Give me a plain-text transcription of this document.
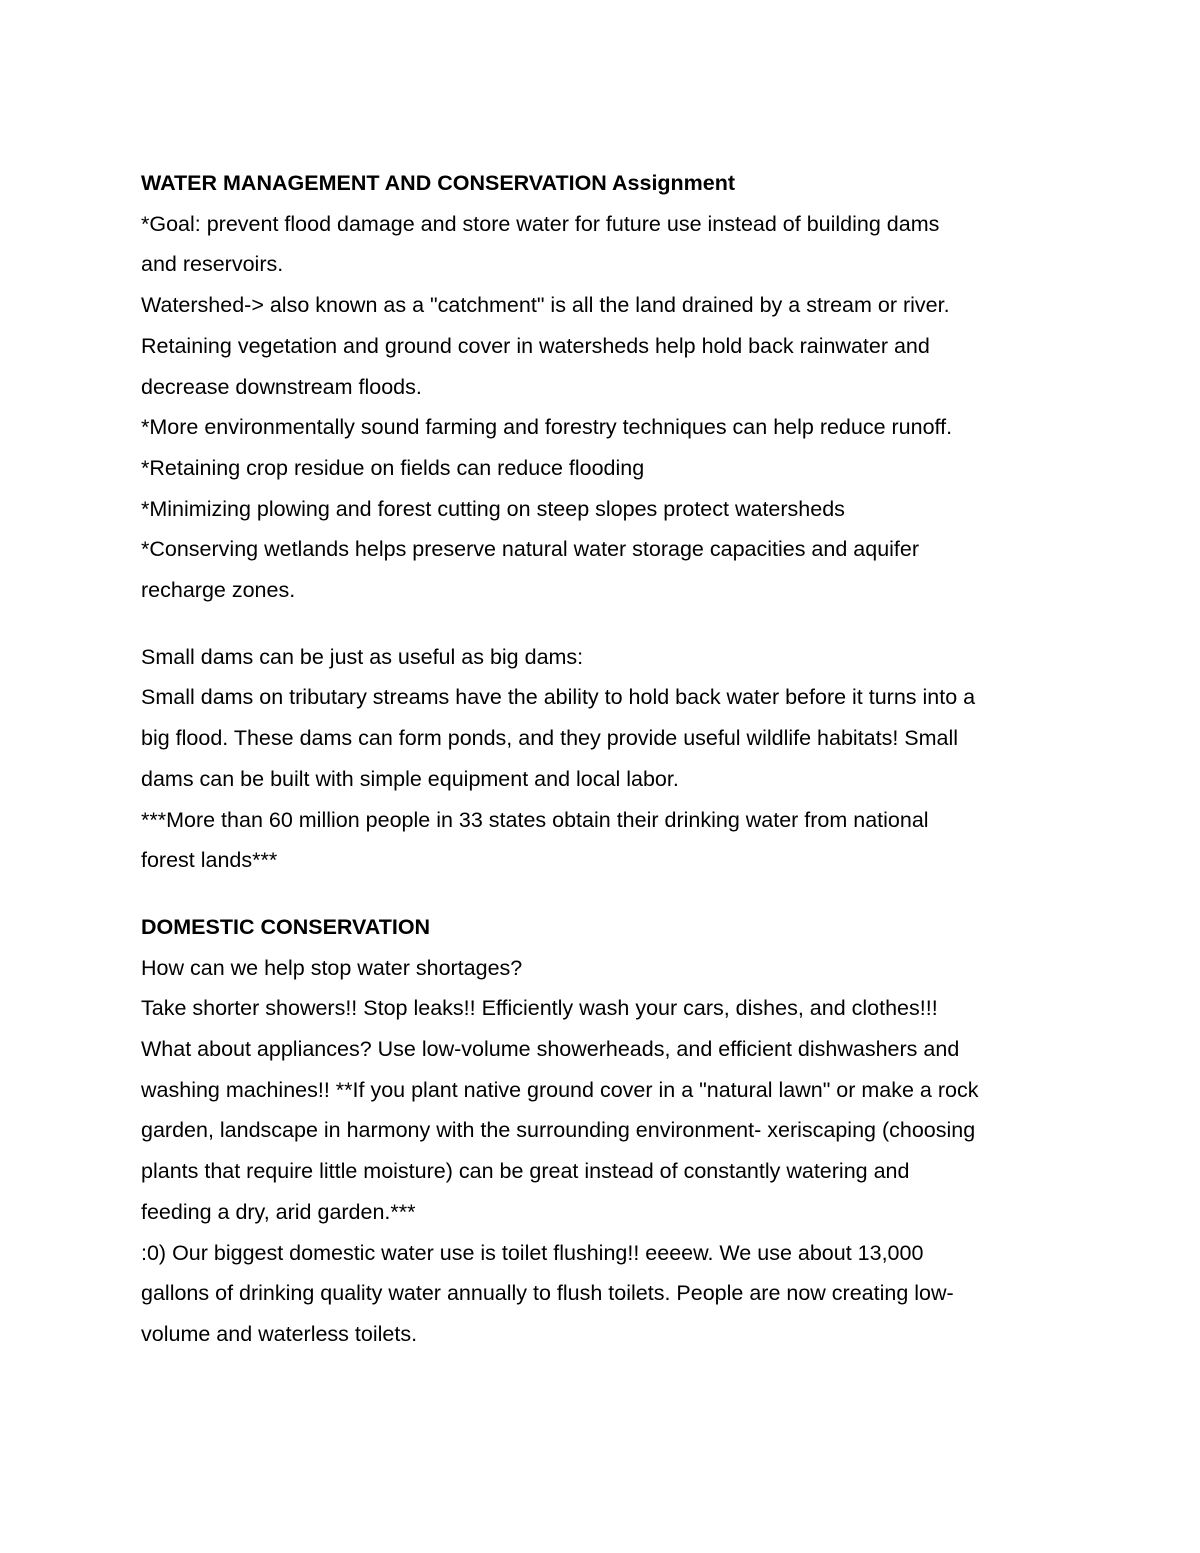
WATER MANAGEMENT AND CONSERVATION Assignment

*Goal: prevent flood damage and store water for future use instead of building dams

and reservoirs.

Watershed-> also known as a "catchment" is all the land drained by a stream or river.

Retaining vegetation and ground cover in watersheds help hold back rainwater and

decrease downstream floods.

*More environmentally sound farming and forestry techniques can help reduce runoff.

*Retaining crop residue on fields can reduce flooding

*Minimizing plowing and forest cutting on steep slopes protect watersheds

*Conserving wetlands helps preserve natural water storage capacities and aquifer

recharge zones.

Small dams can be just as useful as big dams:

Small dams on tributary streams have the ability to hold back water before it turns into a

big flood. These dams can form ponds, and they provide useful wildlife habitats! Small

dams can be built with simple equipment and local labor.

***More than 60 million people in 33 states obtain their drinking water from national

forest lands***

DOMESTIC CONSERVATION

How can we help stop water shortages?

Take shorter showers!! Stop leaks!! Efficiently wash your cars, dishes, and clothes!!!

What about appliances? Use low-volume showerheads, and efficient dishwashers and

washing machines!! **If you plant native ground cover in a "natural lawn" or make a rock

garden, landscape in harmony with the surrounding environment- xeriscaping (choosing

plants that require little moisture) can be great instead of constantly watering and

feeding a dry, arid garden.***

:0) Our biggest domestic water use is toilet flushing!! eeeew. We use about 13,000

gallons of drinking quality water annually to flush toilets. People are now creating low-

volume and waterless toilets.
